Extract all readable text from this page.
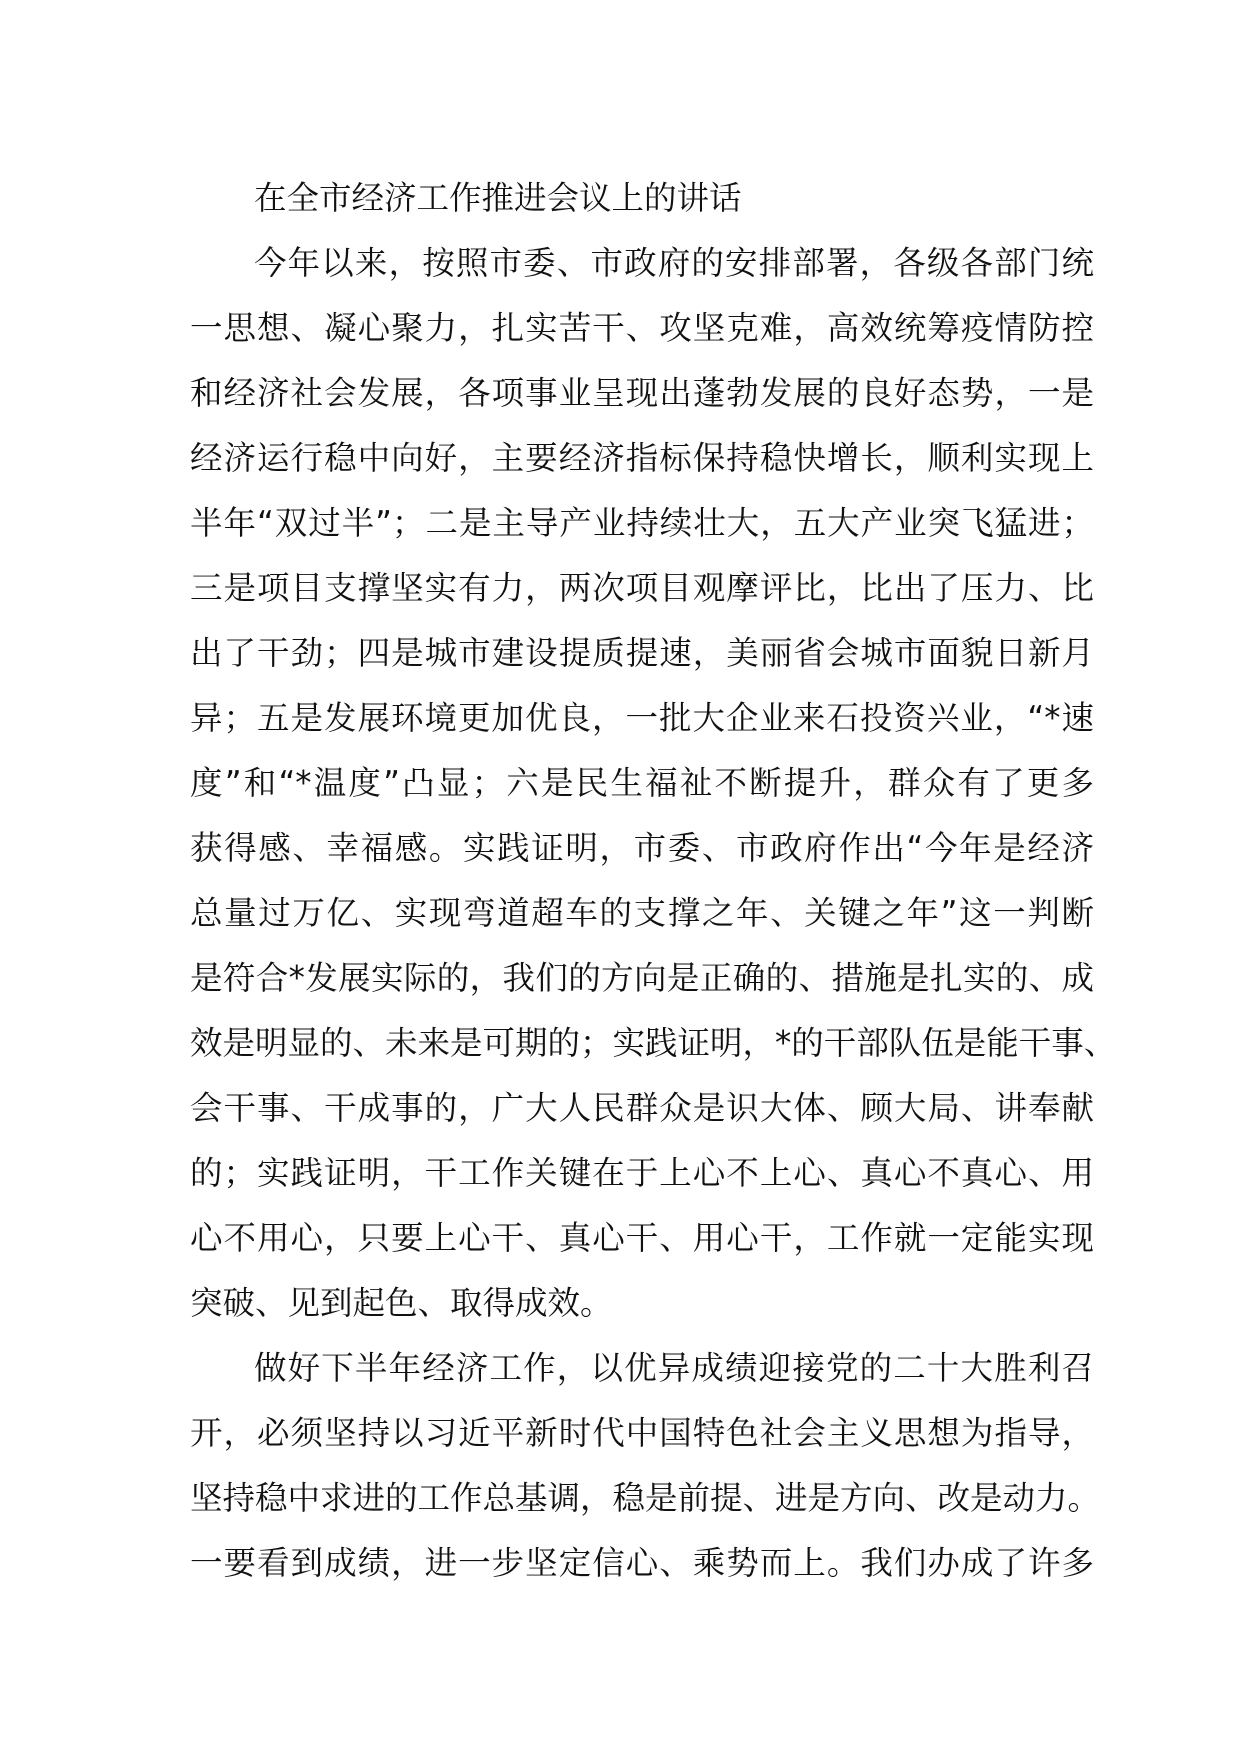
在全市经济工作推进会议上的讲话
今年以来，按照市委、市政府的安排部署，各级各部门统
一思想、凝心聚力，扎实苦干、攻坚克难，高效统筹疫情防控
和经济社会发展，各项事业呈现出蓬勃发展的良好态势，一是
经济运行稳中向好，主要经济指标保持稳快增长，顺利实现上
半年“双过半”；二是主导产业持续壮大，五大产业突飞猛进；
三是项目支撑坚实有力，两次项目观摩评比，比出了压力、比
出了干劲；四是城市建设提质提速，美丽省会城市面貌日新月
异；五是发展环境更加优良，一批大企业来石投资兴业，“*速
度”和“*温度”凸显；六是民生福祉不断提升，群众有了更多
获得感、幸福感。实践证明，市委、市政府作出“今年是经济
总量过万亿、实现弯道超车的支撑之年、关键之年”这一判断
是符合*发展实际的，我们的方向是正确的、措施是扎实的、成
效是明显的、未来是可期的；实践证明，*的干部队伍是能干事、
会干事、干成事的，广大人民群众是识大体、顾大局、讲奉献
的；实践证明，干工作关键在于上心不上心、真心不真心、用
心不用心，只要上心干、真心干、用心干，工作就一定能实现
突破、见到起色、取得成效。
做好下半年经济工作，以优异成绩迎接党的二十大胜利召
开，必须坚持以习近平新时代中国特色社会主义思想为指导，
坚持稳中求进的工作总基调，稳是前提、进是方向、改是动力。
一要看到成绩，进一步坚定信心、乘势而上。我们办成了许多
